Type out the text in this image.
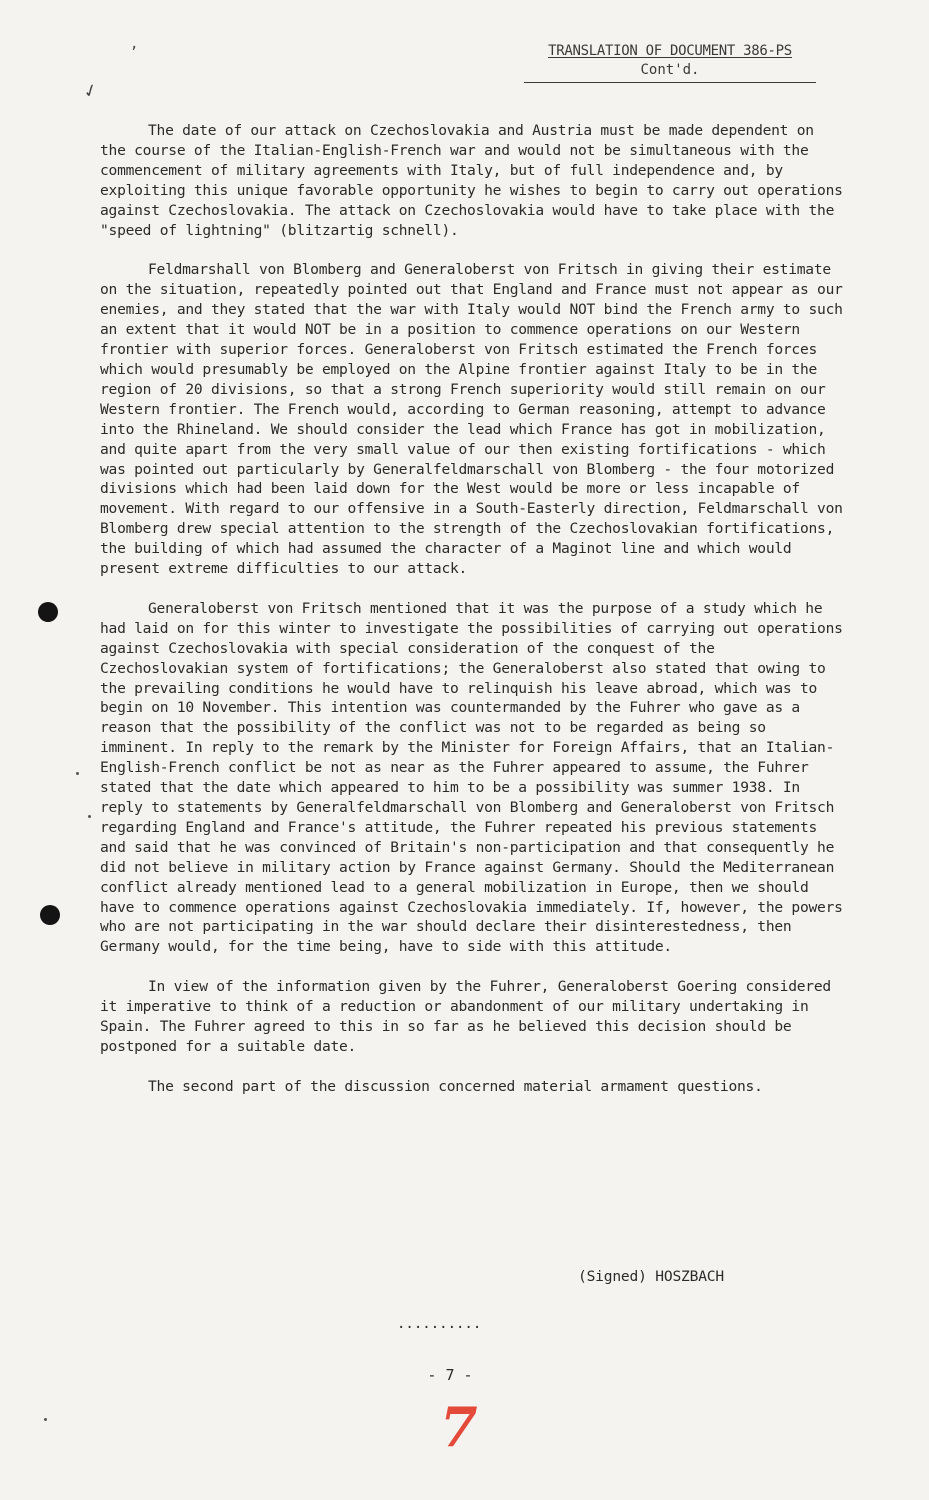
,
✓
TRANSLATION OF DOCUMENT 386-PS
Cont'd.

The date of our attack on Czechoslovakia and Austria must be made dependent on the course of the Italian-English-French war and would not be simultaneous with the commencement of military agreements with Italy, but of full independence and, by exploiting this unique favorable opportunity he wishes to begin to carry out operations against Czechoslovakia. The attack on Czechoslovakia would have to take place with the "speed of lightning" (blitzartig schnell).

Feldmarshall von Blomberg and Generaloberst von Fritsch in giving their estimate on the situation, repeatedly pointed out that England and France must not appear as our enemies, and they stated that the war with Italy would NOT bind the French army to such an extent that it would NOT be in a position to commence operations on our Western frontier with superior forces. Generaloberst von Fritsch estimated the French forces which would presumably be employed on the Alpine frontier against Italy to be in the region of 20 divisions, so that a strong French superiority would still remain on our Western frontier. The French would, according to German reasoning, attempt to advance into the Rhineland. We should consider the lead which France has got in mobilization, and quite apart from the very small value of our then existing fortifications - which was pointed out particularly by Generalfeldmarschall von Blomberg - the four motorized divisions which had been laid down for the West would be more or less incapable of movement. With regard to our offensive in a South-Easterly direction, Feldmarschall von Blomberg drew special attention to the strength of the Czechoslovakian fortifications, the building of which had assumed the character of a Maginot line and which would present extreme difficulties to our attack.

Generaloberst von Fritsch mentioned that it was the purpose of a study which he had laid on for this winter to investigate the possibilities of carrying out operations against Czechoslovakia with special consideration of the conquest of the Czechoslovakian system of fortifications; the Generaloberst also stated that owing to the prevailing conditions he would have to relinquish his leave abroad, which was to begin on 10 November. This intention was countermanded by the Fuhrer who gave as a reason that the possibility of the conflict was not to be regarded as being so imminent. In reply to the remark by the Minister for Foreign Affairs, that an Italian-English-French conflict be not as near as the Fuhrer appeared to assume, the Fuhrer stated that the date which appeared to him to be a possibility was summer 1938. In reply to statements by Generalfeldmarschall von Blomberg and Generaloberst von Fritsch regarding England and France's attitude, the Fuhrer repeated his previous statements and said that he was convinced of Britain's non-participation and that consequently he did not believe in military action by France against Germany. Should the Mediterranean conflict already mentioned lead to a general mobilization in Europe, then we should have to commence operations against Czechoslovakia immediately. If, however, the powers who are not participating in the war should declare their disinterestedness, then Germany would, for the time being, have to side with this attitude.

In view of the information given by the Fuhrer, Generaloberst Goering considered it imperative to think of a reduction or abandonment of our military undertaking in Spain. The Fuhrer agreed to this in so far as he believed this decision should be postponed for a suitable date.

The second part of the discussion concerned material armament questions.

(Signed) HOSZBACH
..........
- 7 -
7
